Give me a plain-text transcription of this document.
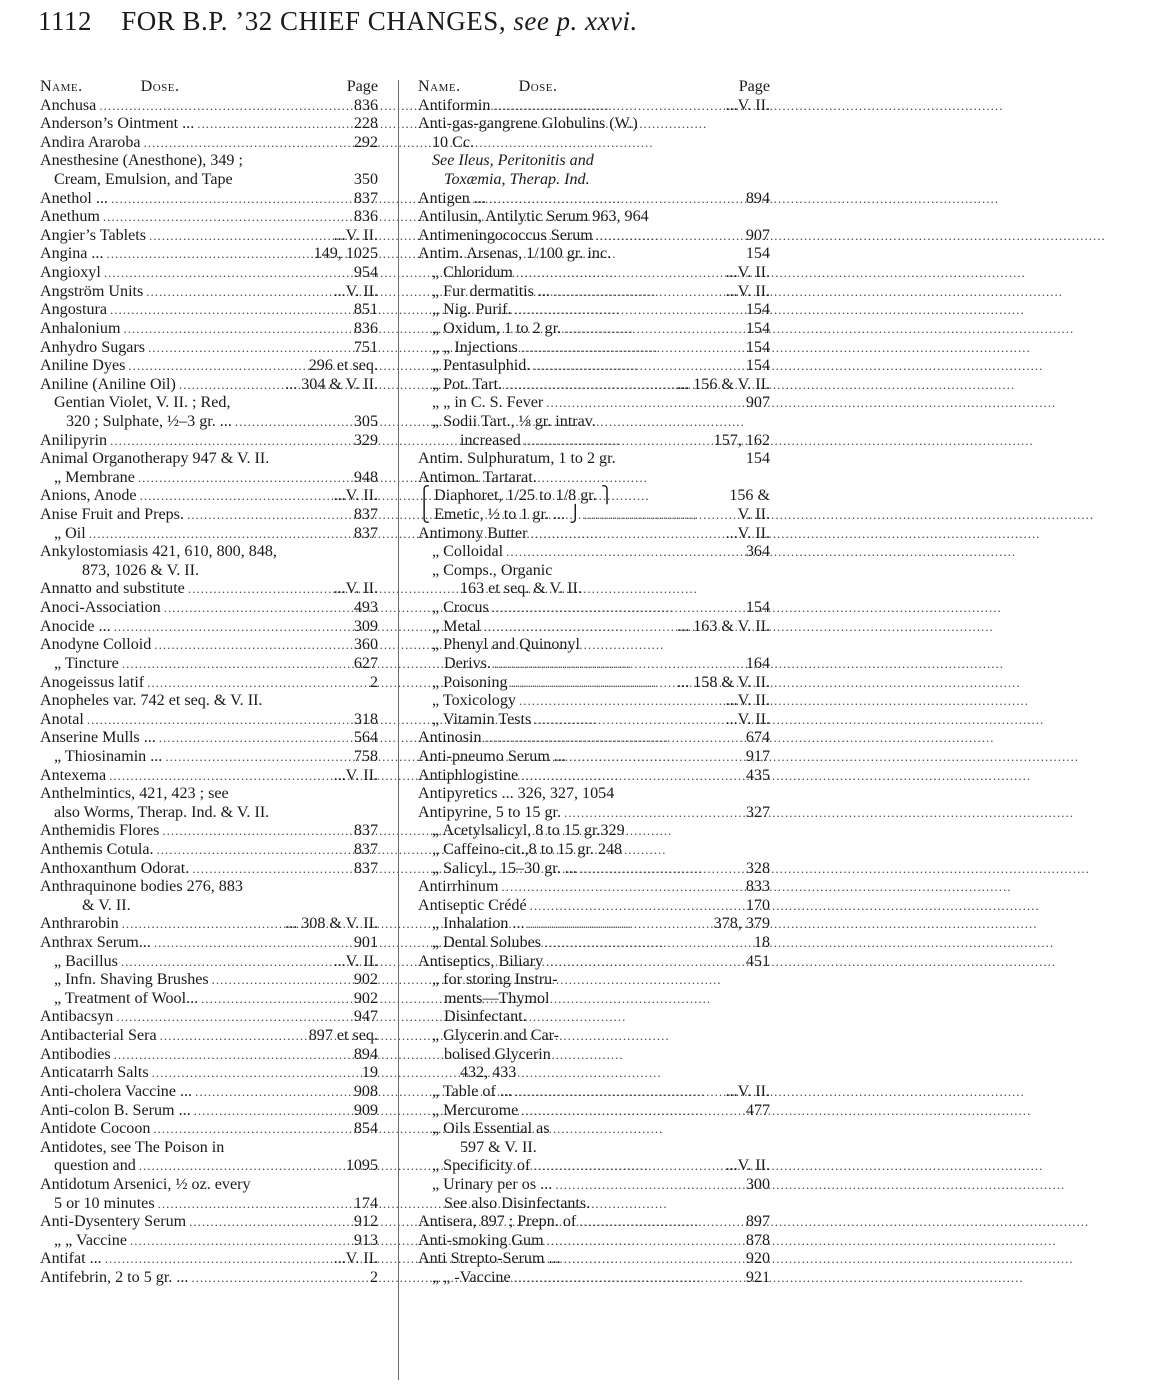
1112 FOR B.P. ’32 CHIEF CHANGES, see p. xxvi.
Name.	Dose.	Page
Anchusa .....	836
Anderson’s Ointment ... .....	228
Andira Araroba .....	292
Anesthesine (Anesthone), 349 ;
Cream, Emulsion, and Tape	350
Anethol ... .....	837
Anethum .....	836
Angier’s Tablets .....	...V. II.
Angina ... .....	149, 1025
Angioxyl .....	954
Angström Units .....	...V. II.
Angostura .....	851
Anhalonium .....	836
Anhydro Sugars .....	751
Aniline Dyes .....	296 et seq.
Aniline (Aniline Oil) .....	... 304 & V. II.
Gentian Violet, V. II. ; Red,
320 ; Sulphate, ½–3 gr. ... .....	305
Anilipyrin .....	329
Animal Organotherapy 947 & V. II.
„ Membrane .....	948
Anions, Anode .....	...V. II.
Anise Fruit and Preps. .....	837
„ Oil .....	837
Ankylostomiasis 421, 610, 800, 848,
873, 1026 & V. II.
Annatto and substitute .....	...V. II.
Anoci-Association .....	493
Anocide ... .....	309
Anodyne Colloid .....	360
„ Tincture .....	627
Anogeissus latif .....	2
Anopheles var. 742 et seq. & V. II.
Anotal .....	318
Anserine Mulls ... .....	564
„ Thiosinamin ... .....	758
Antexema .....	...V. II.
Anthelmintics, 421, 423 ; see
also Worms, Therap. Ind. & V. II.
Anthemidis Flores .....	837
Anthemis Cotula. .....	837
Anthoxanthum Odorat. .....	837
Anthraquinone bodies 276, 883
& V. II.
Anthrarobin .....	... 308 & V. II.
Anthrax Serum... .....	901
„ Bacillus .....	...V. II.
„ Infn. Shaving Brushes .....	902
„ Treatment of Wool... .....	902
Antibacsyn .....	947
Antibacterial Sera .....	897 et seq.
Antibodies .....	894
Anticatarrh Salts .....	19
Anti-cholera Vaccine ... .....	908
Anti-colon B. Serum ... .....	909
Antidote Cocoon .....	854
Antidotes, see The Poison in
question and .....	1095
Antidotum Arsenici, ½ oz. every
5 or 10 minutes .....	174
Anti-Dysentery Serum .....	912
„ „ Vaccine .....	913
Antifat ... .....	...V. II.
Antifebrin, 2 to 5 gr. ... .....	2
Name.	Dose.	Page
Antiformin .....	...V. II.
Anti-gas-gangrene Globulins (W.)
10 Cc.
See Ileus, Peritonitis and
Toxæmia, Therap. Ind.
Antigen ... .....	894
Antilusin, Antilytic Serum 963, 964
Antimeningococcus Serum .....	907
Antim. Arsenas, 1/100 gr. inc.	154
„ Chloridum .....	...V. II.
„ Fur dermatitis ... .....	...V. II.
„ Nig. Purif. .....	154
„ Oxidum, 1 to 2 gr. .....	154
„ „ Injections .....	154
„ Pentasulphid. .....	154
„ Pot. Tart. .....	... 156 & V. II.
„ „ in C. S. Fever .....	907
„ Sodii Tart., ⅛ gr. intrav.
increased .....	157, 162
Antim. Sulphuratum, 1 to 2 gr.	154
Antimon. Tartarat.
⎧ Diaphoret, 1/25 to 1/8 gr. ⎫	156 &
⎩ Emetic, ½ to 1 gr. ... ⎭ .....	V. II.
Antimony Butter .....	...V. II.
„ Colloidal .....	364
„ Comps., Organic
163 et seq. & V. II.
„ Crocus .....	154
„ Metal .....	... 163 & V. II.
„ Phenyl and Quinonyl
Derivs. .....	164
„ Poisoning .....	... 158 & V. II.
„ Toxicology .....	...V. II.
„ Vitamin Tests .....	...V. II.
Antinosin .....	674
Anti-pneumo Serum ... .....	917
Antiphlogistine .....	435
Antipyretics ... 326, 327, 1054
Antipyrine, 5 to 15 gr. .....	327
„ Acetylsalicyl, 8 to 15 gr.329
„ Caffeino-cit.,8 to 15 gr. 248
„ Salicyl., 15–30 gr. ... .....	328
Antirrhinum .....	833
Antiseptic Crédé .....	170
„ Inhalation ... .....	378, 379
„ Dental Solubes .....	18
Antiseptics, Biliary .....	451
„ for storing Instru-
ments—Thymol
Disinfectant.
„ Glycerin and Car-
bolised Glycerin
432, 433
„ Table of ... .....	...V. II.
„ Mercurome .....	477
„ Oils Essential as
597 & V. II.
„ Specificity of .....	...V. II.
„ Urinary per os ... .....	300
See also Disinfectants.
Antisera, 897 ; Prepn. of .....	897
Anti-smoking Gum .....	878
Anti Strepto-Serum ... .....	920
„ „ -Vaccine .....	921
